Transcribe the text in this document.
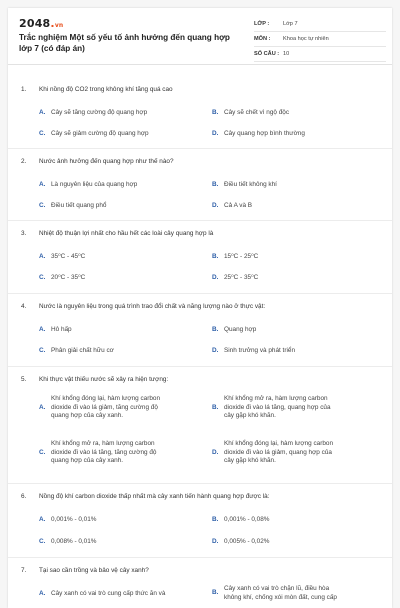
2048.vn
Trắc nghiệm Một số yếu tố ảnh hưởng đến quang hợp lớp 7 (có đáp án)
LỚP :	Lớp 7
MÔN :	Khoa học tự nhiên
SỐ CÂU : 10
1. Khi nồng độ CO2 trong không khí tăng quá cao
A. Cây sẽ tăng cường độ quang hợp	B. Cây sẽ chết vì ngộ độc
C. Cây sẽ giảm cường độ quang hợp	D. Cây quang hợp bình thường
2. Nước ảnh hưởng đến quang hợp như thế nào?
A. Là nguyên liệu của quang hợp	B. Điều tiết không khí
C. Điều tiết quang phổ	D. Cả A và B
3. Nhiệt độ thuận lợi nhất cho hầu hết các loài cây quang hợp là
A. 35⁰C - 45⁰C	B. 15⁰C - 25⁰C
C. 20⁰C - 35⁰C	D. 25⁰C - 35⁰C
4. Nước là nguyên liệu trong quá trình trao đổi chất và năng lượng nào ở thực vật:
A. Hô hấp	B. Quang hợp
C. Phân giải chất hữu cơ	D. Sinh trưởng và phát triển
5. Khi thực vật thiếu nước sẽ xảy ra hiện tượng:
A.
Khí khổng đóng lại, hàm lượng carbon dioxide đi vào lá giảm, tăng cường độ quang hợp của cây xanh.
B.
Khí khổng mở ra, hàm lượng carbon dioxide đi vào lá tăng, quang hợp của cây gặp khó khăn.
C.
Khí khổng mở ra, hàm lượng carbon dioxide đi vào lá tăng, tăng cường độ quang hợp của cây xanh.
D.
Khí khổng đóng lại, hàm lượng carbon dioxide đi vào lá giảm, quang hợp của cây gặp khó khăn.
6. Nồng độ khí carbon dioxide thấp nhất mà cây xanh tiến hành quang hợp được là:
A. 0,001% - 0,01%	B. 0,001% - 0,08%
C. 0,008% - 0,01%	D. 0,005% - 0,02%
7. Tại sao cần trồng và bảo vệ cây xanh?
A. Cây xanh có vai trò cung cấp thức ăn và	B.
Cây xanh có vai trò chặn lũ, điều hòa không khí, chống xói mòn đất, cung cấp
